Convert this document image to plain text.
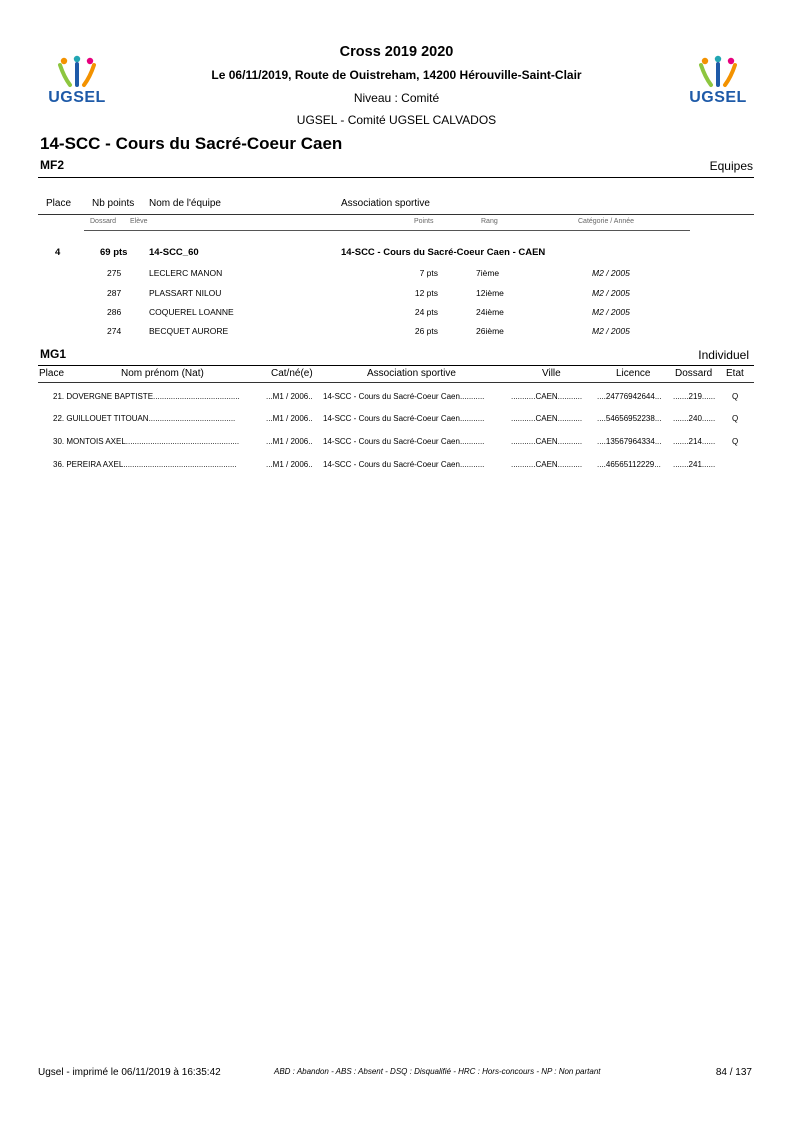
UGSEL	UGSEL
Cross 2019 2020
Le 06/11/2019, Route de Ouistreham, 14200 Hérouville-Saint-Clair
Niveau : Comité
UGSEL - Comité UGSEL CALVADOS
14-SCC - Cours du Sacré-Coeur Caen
MF2	Equipes
Place Nb points Nom de l'équipe	Association sportive
Dossard Elève	Points	Rang	Catégorie / Année
4	69 pts 14-SCC_60	14-SCC - Cours du Sacré-Coeur Caen - CAEN
275	LECLERC MANON	7 pts	7ième	M2 / 2005
287	PLASSART NILOU	12 pts	12ième	M2 / 2005
286	COQUEREL LOANNE	24 pts	24ième	M2 / 2005
274	BECQUET AURORE	26 pts	26ième	M2 / 2005
MG1	Individuel
Place	Nom prénom (Nat)	Cat/né(e)	Association sportive	Ville	Licence Dossard Etat
21. DOVERGNE BAPTISTE.......................................	...M1 / 2006..	14-SCC - Cours du Sacré-Coeur Caen...........	...........CAEN...........	....24776942644...	.......219......	Q
22. GUILLOUET TITOUAN.......................................	...M1 / 2006..	14-SCC - Cours du Sacré-Coeur Caen...........	...........CAEN...........	....54656952238...	.......240......	Q
30. MONTOIS AXEL...................................................	...M1 / 2006..	14-SCC - Cours du Sacré-Coeur Caen...........	...........CAEN...........	....13567964334...	.......214......	Q
36. PEREIRA AXEL...................................................	...M1 / 2006..	14-SCC - Cours du Sacré-Coeur Caen...........	...........CAEN...........	....46565112229...	.......241......
Ugsel - imprimé le 06/11/2019 à 16:35:42	ABD : Abandon - ABS : Absent - DSQ : Disqualifié - HRC : Hors-concours - NP : Non partant	84 / 137
